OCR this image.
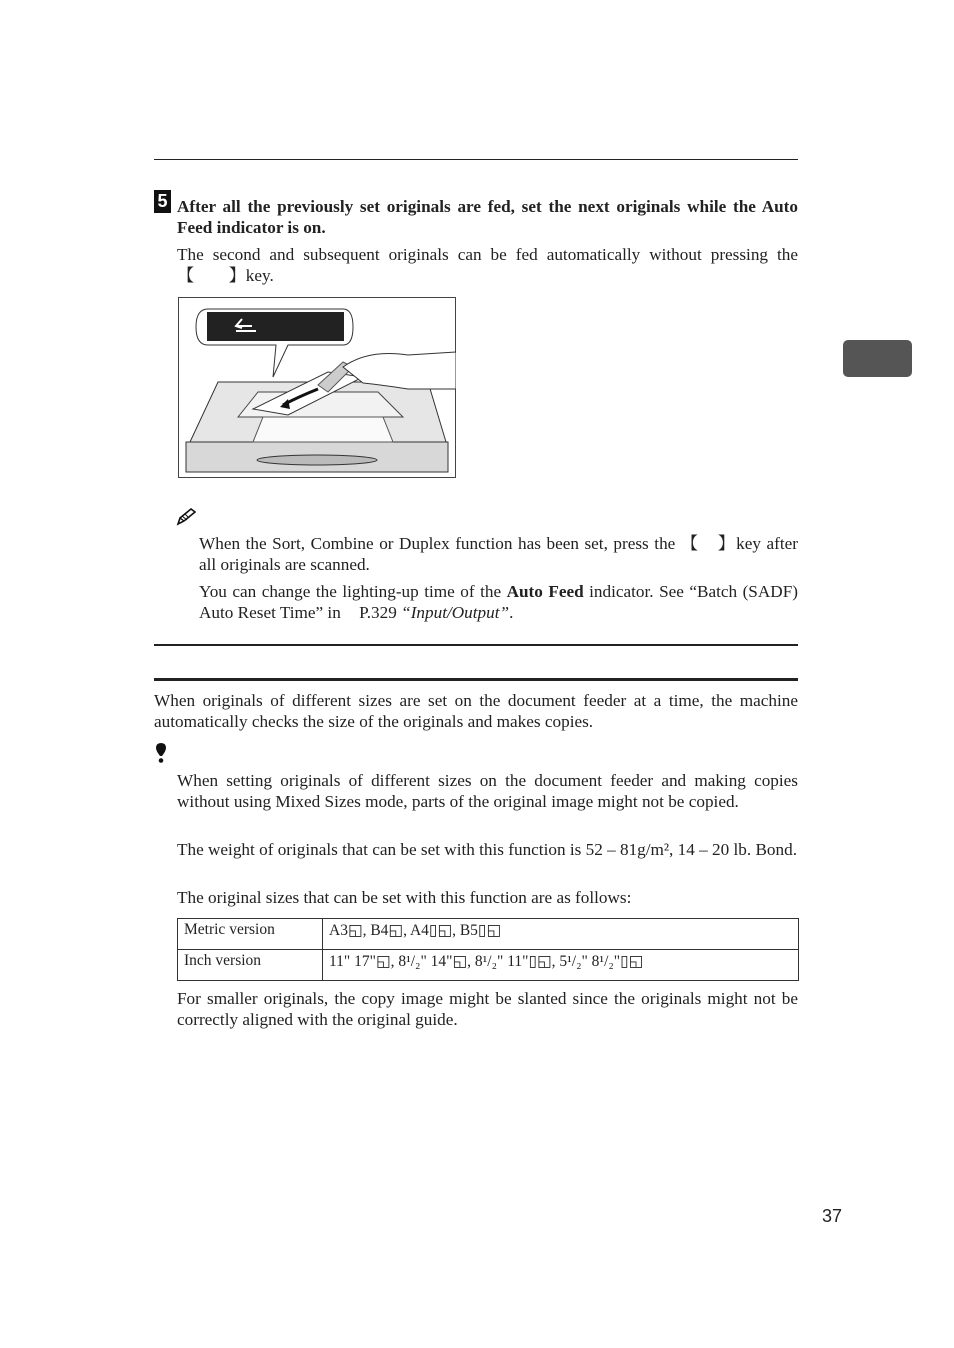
5 After all the previously set originals are fed, set the next originals while the Auto Feed indicator is on.
The second and subsequent originals can be fed automatically without pressing the 【　　】key.
When the Sort, Combine or Duplex function has been set, press the 【　】key after all originals are scanned.
You can change the lighting-up time of the Auto Feed indicator. See “Batch (SADF) Auto Reset Time” in P.329 “Input/Output”.
When originals of different sizes are set on the document feeder at a time, the machine automatically checks the size of the originals and makes copies.
When setting originals of different sizes on the document feeder and making copies without using Mixed Sizes mode, parts of the original image might not be copied.
The weight of originals that can be set with this function is 52 – 81g/m², 14 – 20 lb. Bond.
The original sizes that can be set with this function are as follows:
Metric version	A3◱, B4◱, A4▯◱, B5▯◱
Inch version	11" 17"◱, 8¹/₂" 14"◱, 8¹/₂" 11"▯◱, 5¹/₂" 8¹/₂"▯◱
For smaller originals, the copy image might be slanted since the originals might not be correctly aligned with the original guide.
37
